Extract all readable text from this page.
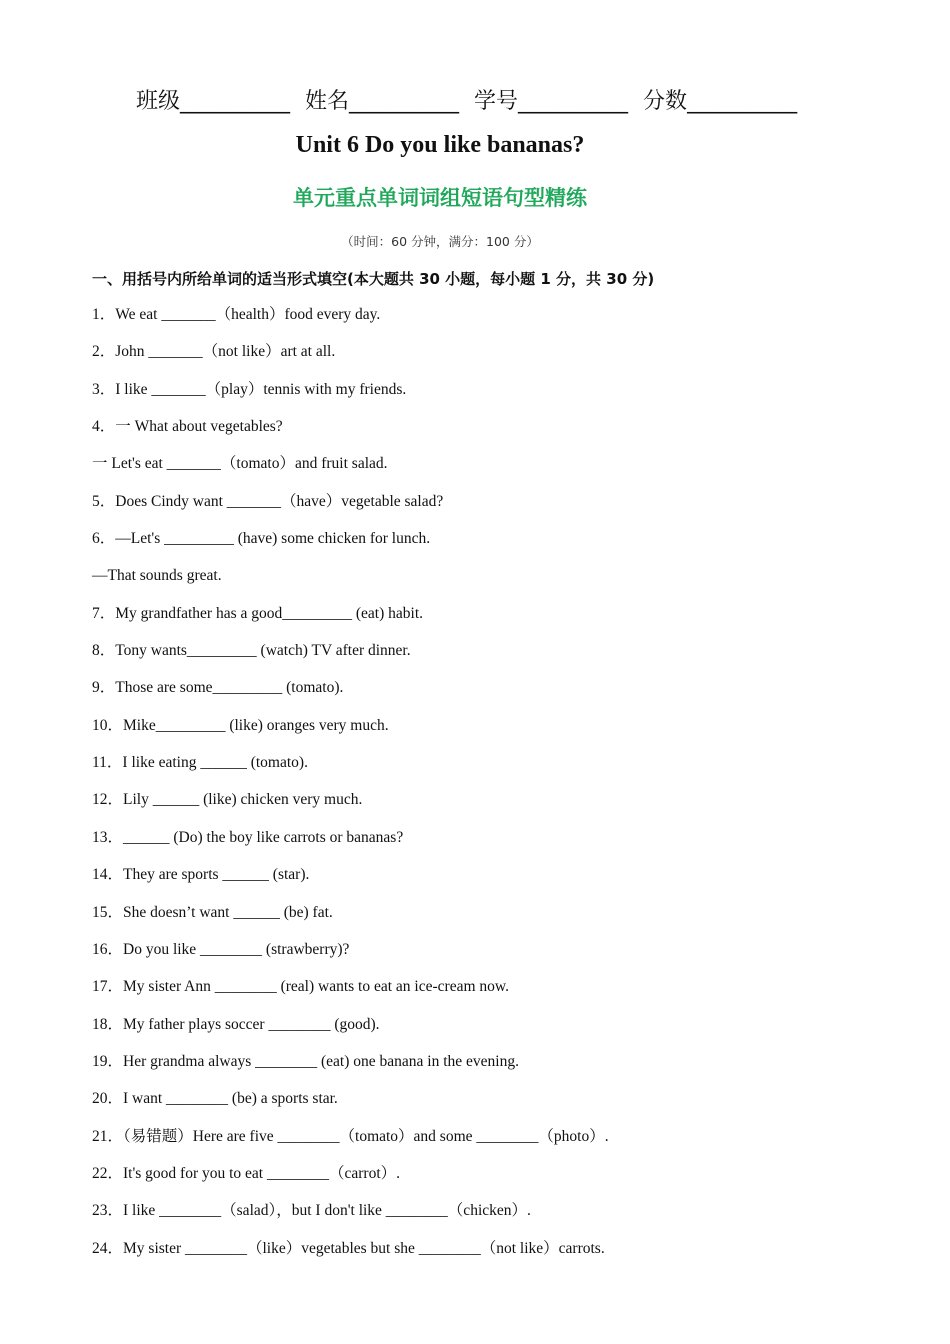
班级__________ 姓名__________ 学号__________ 分数__________
Unit 6 Do you like bananas?
单元重点单词词组短语句型精练
（时间：60 分钟，满分：100 分）
一、用括号内所给单词的适当形式填空(本大题共 30 小题，每小题 1 分，共 30 分)
1．We eat _______（health）food every day.
2．John _______（not like）art at all.
3．I like _______（play）tennis with my friends.
4．一 What about vegetables?
一 Let's eat _______（tomato）and fruit salad.
5．Does Cindy want _______（have）vegetable salad?
6．—Let's _________ (have) some chicken for lunch.
—That sounds great.
7．My grandfather has a good_________ (eat) habit.
8．Tony wants_________ (watch) TV after dinner.
9．Those are some_________ (tomato).
10．Mike_________ (like) oranges very much.
11．I like eating ______ (tomato).
12．Lily ______ (like) chicken very much.
13．______ (Do) the boy like carrots or bananas?
14．They are sports ______ (star).
15．She doesn’t want ______ (be) fat.
16．Do you like ________ (strawberry)?
17．My sister Ann ________ (real) wants to eat an ice-cream now.
18．My father plays soccer ________ (good).
19．Her grandma always ________ (eat) one banana in the evening.
20．I want ________ (be) a sports star.
21．（易错题）Here are five ________（tomato）and some ________（photo）.
22．It's good for you to eat ________（carrot）.
23．I like ________（salad），but I don't like ________（chicken）.
24．My sister ________（like）vegetables but she ________（not like）carrots.
